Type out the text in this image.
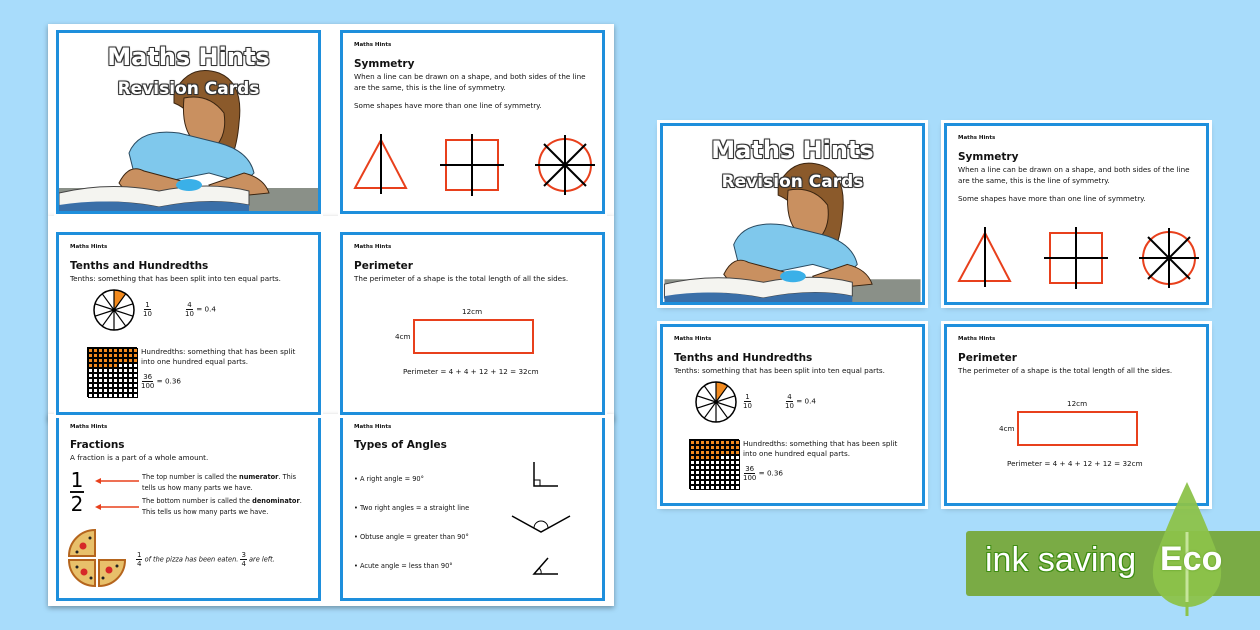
Maths Hints
Revision Cards
Maths Hints
Symmetry
When a line can be drawn on a shape, and both sides of the line
are the same, this is the line of symmetry.
Some shapes have more than one line of symmetry.
Maths Hints
Tenths and Hundredths
Tenths: something that has been split into ten equal parts.
$\frac{1}{10}$	$\frac{4}{10} = 0.4$
Hundredths: something that has been split
into one hundred equal parts.
$\frac{36}{100} = 0.36$
Maths Hints
Perimeter
The perimeter of a shape is the total length of all the sides.
12cm
4cm
Perimeter = 4 + 4 + 12 + 12 = 32cm
Maths Hints
Fractions
A fraction is a part of a whole amount.
$\frac{1}{2}$	The top number is called the numerator. This
tells us how many parts we have.
The bottom number is called the denominator.
This tells us how many parts we have.
$\frac{1}{4}$ of the pizza has been eaten. $\frac{3}{4}$ are left.
Maths Hints
Types of Angles
• A right angle = 90°
• Two right angles = a straight line
• Obtuse angle = greater than 90°
• Acute angle = less than 90°
Maths Hints
Revision Cards
Maths Hints
Symmetry
When a line can be drawn on a shape, and both sides of the line
are the same, this is the line of symmetry.
Some shapes have more than one line of symmetry.
Maths Hints
Tenths and Hundredths
Tenths: something that has been split into ten equal parts.
$\frac{1}{10}$	$\frac{4}{10} = 0.4$
Hundredths: something that has been split
into one hundred equal parts.
$\frac{36}{100} = 0.36$
Maths Hints
Perimeter
The perimeter of a shape is the total length of all the sides.
12cm
4cm
Perimeter = 4 + 4 + 12 + 12 = 32cm
ink saving Eco
